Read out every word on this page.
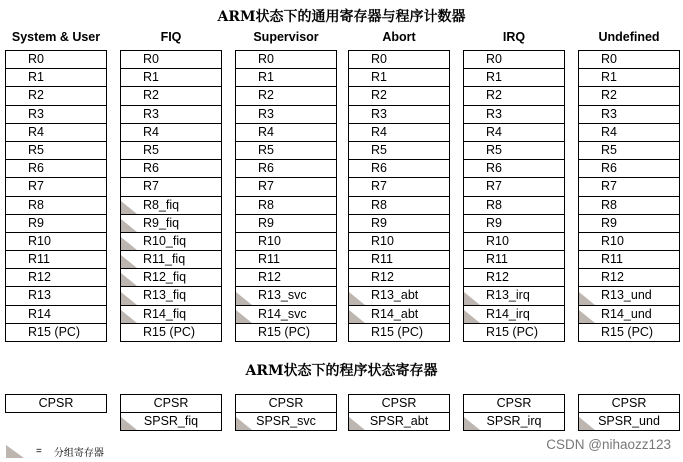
ARM状态下的通用寄存器与程序计数器
System & User
R0
R1
R2
R3
R4
R5
R6
R7
R8
R9
R10
R11
R12
R13
R14
R15 (PC)
CPSR
FIQ
R0
R1
R2
R3
R4
R5
R6
R7
R8_fiq
R9_fiq
R10_fiq
R11_fiq
R12_fiq
R13_fiq
R14_fiq
R15 (PC)
CPSR
SPSR_fiq
Supervisor
R0
R1
R2
R3
R4
R5
R6
R7
R8
R9
R10
R11
R12
R13_svc
R14_svc
R15 (PC)
CPSR
SPSR_svc
Abort
R0
R1
R2
R3
R4
R5
R6
R7
R8
R9
R10
R11
R12
R13_abt
R14_abt
R15 (PC)
CPSR
SPSR_abt
IRQ
R0
R1
R2
R3
R4
R5
R6
R7
R8
R9
R10
R11
R12
R13_irq
R14_irq
R15 (PC)
CPSR
SPSR_irq
Undefined
R0
R1
R2
R3
R4
R5
R6
R7
R8
R9
R10
R11
R12
R13_und
R14_und
R15 (PC)
CPSR
SPSR_und
ARM状态下的程序状态寄存器
= 分组寄存器
CSDN @nihaozz123
